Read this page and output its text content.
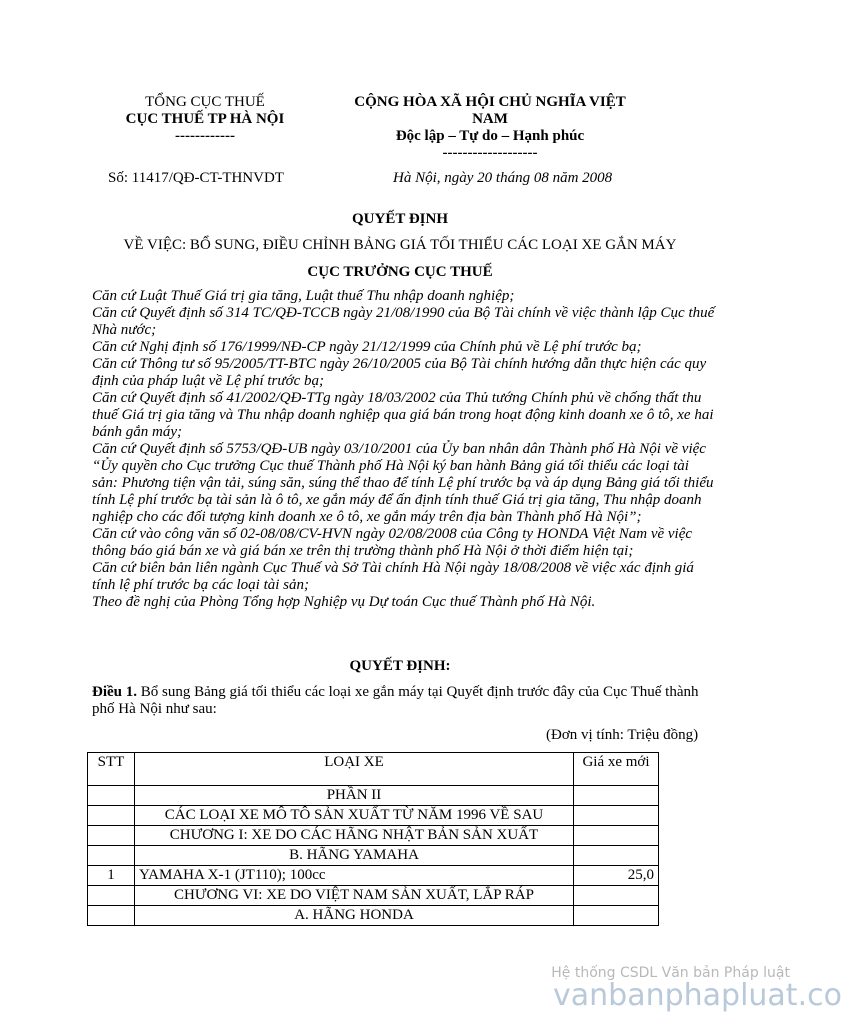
TỔNG CỤC THUẾ
CỤC THUẾ TP HÀ NỘI
------------
CỘNG HÒA XÃ HỘI CHỦ NGHĨA VIỆT
NAM
Độc lập – Tự do – Hạnh phúc
-------------------
Số: 11417/QĐ-CT-THNVDT	Hà Nội, ngày 20 tháng 08 năm 2008
QUYẾT ĐỊNH
VỀ VIỆC: BỔ SUNG, ĐIỀU CHỈNH BẢNG GIÁ TỐI THIỂU CÁC LOẠI XE GẮN MÁY
CỤC TRƯỞNG CỤC THUẾ
Căn cứ Luật Thuế Giá trị gia tăng, Luật thuế Thu nhập doanh nghiệp;
Căn cứ Quyết định số 314 TC/QĐ-TCCB ngày 21/08/1990 của Bộ Tài chính về việc thành lập Cục thuế Nhà nước;
Căn cứ Nghị định số 176/1999/NĐ-CP ngày 21/12/1999 của Chính phủ về Lệ phí trước bạ;
Căn cứ Thông tư số 95/2005/TT-BTC ngày 26/10/2005 của Bộ Tài chính hướng dẫn thực hiện các quy định của pháp luật về Lệ phí trước bạ;
Căn cứ Quyết định số 41/2002/QĐ-TTg ngày 18/03/2002 của Thủ tướng Chính phủ về chống thất thu thuế Giá trị gia tăng và Thu nhập doanh nghiệp qua giá bán trong hoạt động kinh doanh xe ô tô, xe hai bánh gắn máy;
Căn cứ Quyết định số 5753/QĐ-UB ngày 03/10/2001 của Ủy ban nhân dân Thành phố Hà Nội về việc “Ủy quyền cho Cục trưởng Cục thuế Thành phố Hà Nội ký ban hành Bảng giá tối thiểu các loại tài sản: Phương tiện vận tải, súng săn, súng thể thao để tính Lệ phí trước bạ và áp dụng Bảng giá tối thiểu tính Lệ phí trước bạ tài sản là ô tô, xe gắn máy để ấn định tính thuế Giá trị gia tăng, Thu nhập doanh nghiệp cho các đối tượng kinh doanh xe ô tô, xe gắn máy trên địa bàn Thành phố Hà Nội”;
Căn cứ vào công văn số 02-08/08/CV-HVN ngày 02/08/2008 của Công ty HONDA Việt Nam về việc thông báo giá bán xe và giá bán xe trên thị trường thành phố Hà Nội ở thời điểm hiện tại;
Căn cứ biên bản liên ngành Cục Thuế và Sở Tài chính Hà Nội ngày 18/08/2008 về việc xác định giá tính lệ phí trước bạ các loại tài sản;
Theo đề nghị của Phòng Tổng hợp Nghiệp vụ Dự toán Cục thuế Thành phố Hà Nội.
QUYẾT ĐỊNH:
Điều 1. Bổ sung Bảng giá tối thiểu các loại xe gắn máy tại Quyết định trước đây của Cục Thuế thành phố Hà Nội như sau:
(Đơn vị tính: Triệu đồng)
STT	LOẠI XE	Giá xe mới
	PHẦN II	
	CÁC LOẠI XE MÔ TÔ SẢN XUẤT TỪ NĂM 1996 VỀ SAU	
	CHƯƠNG I: XE DO CÁC HÃNG NHẬT BẢN SẢN XUẤT	
	B. HÃNG YAMAHA	
1	YAMAHA X-1 (JT110); 100cc	25,0
	CHƯƠNG VI: XE DO VIỆT NAM SẢN XUẤT, LẮP RÁP	
	A. HÃNG HONDA	
Hệ thống CSDL Văn bản Pháp luật
vanbanphapluat.co
